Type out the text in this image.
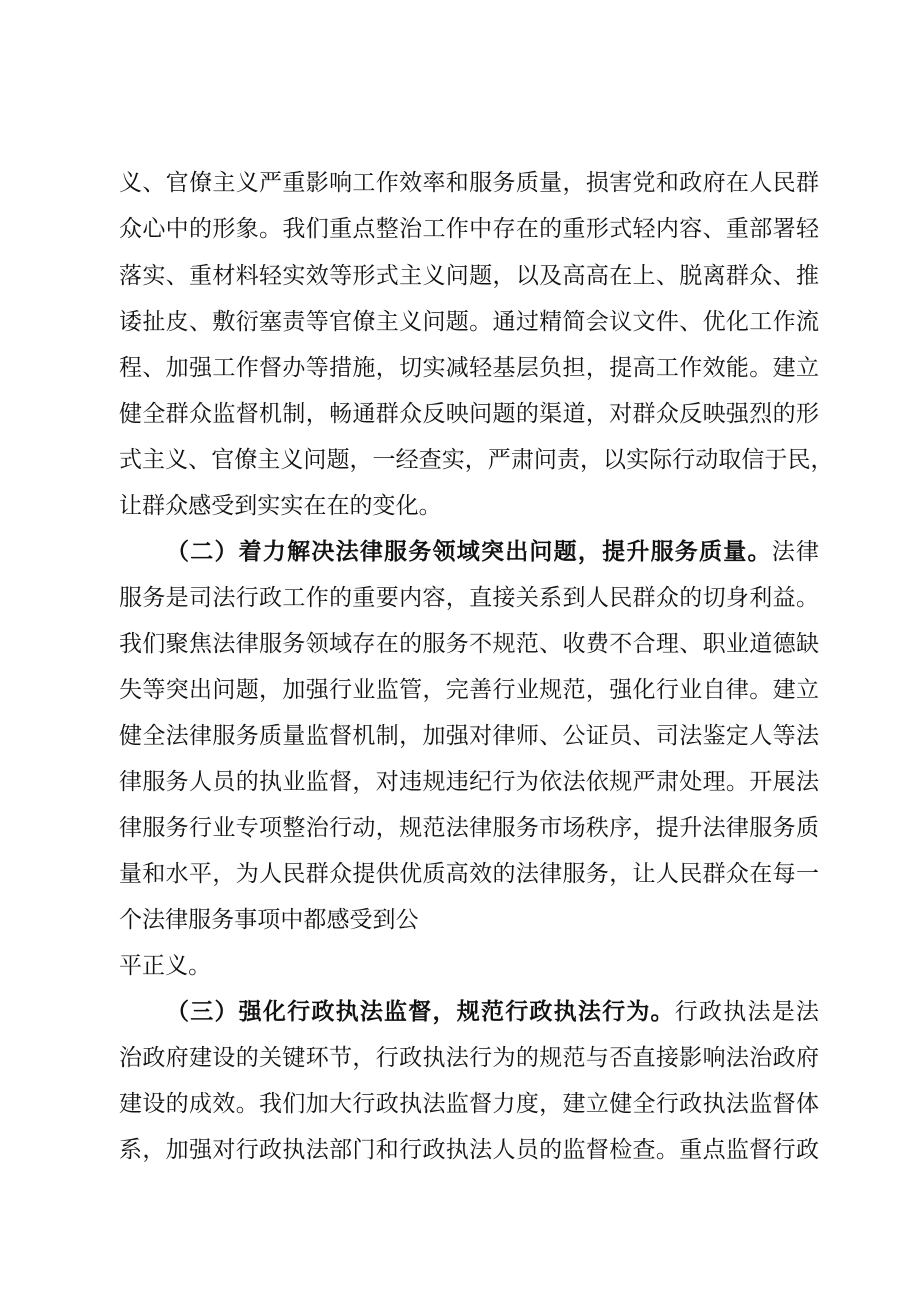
义、官僚主义严重影响工作效率和服务质量，损害党和政府在人民群
众心中的形象。我们重点整治工作中存在的重形式轻内容、重部署轻
落实、重材料轻实效等形式主义问题，以及高高在上、脱离群众、推
诿扯皮、敷衍塞责等官僚主义问题。通过精简会议文件、优化工作流
程、加强工作督办等措施，切实减轻基层负担，提高工作效能。建立
健全群众监督机制，畅通群众反映问题的渠道，对群众反映强烈的形
式主义、官僚主义问题，一经查实，严肃问责，以实际行动取信于民，
让群众感受到实实在在的变化。
（二）着力解决法律服务领域突出问题，提升服务质量。法律
服务是司法行政工作的重要内容，直接关系到人民群众的切身利益。
我们聚焦法律服务领域存在的服务不规范、收费不合理、职业道德缺
失等突出问题，加强行业监管，完善行业规范，强化行业自律。建立
健全法律服务质量监督机制，加强对律师、公证员、司法鉴定人等法
律服务人员的执业监督，对违规违纪行为依法依规严肃处理。开展法
律服务行业专项整治行动，规范法律服务市场秩序，提升法律服务质
量和水平，为人民群众提供优质高效的法律服务，让人民群众在每一
个法律服务事项中都感受到公
平正义。
（三）强化行政执法监督，规范行政执法行为。行政执法是法
治政府建设的关键环节，行政执法行为的规范与否直接影响法治政府
建设的成效。我们加大行政执法监督力度，建立健全行政执法监督体
系，加强对行政执法部门和行政执法人员的监督检查。重点监督行政
